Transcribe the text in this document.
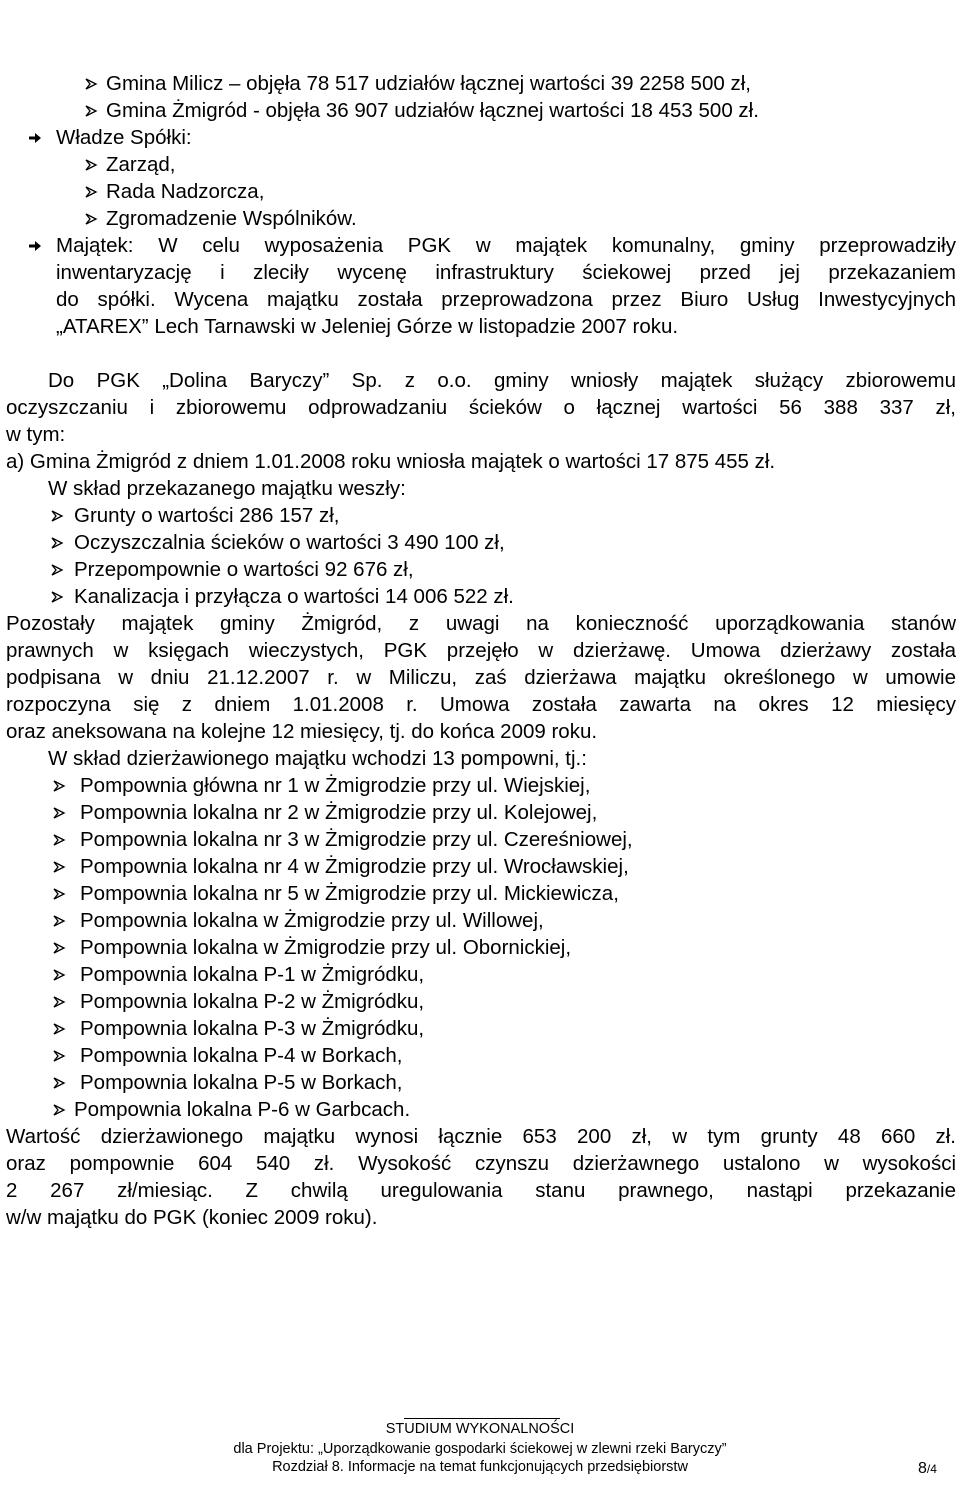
Gmina Milicz – objęła 78 517 udziałów łącznej wartości 39 2258 500 zł,
Gmina Żmigród - objęła 36 907 udziałów łącznej wartości 18 453 500 zł.
Władze Spółki:
Zarząd,
Rada Nadzorcza,
Zgromadzenie Wspólników.
Majątek: W celu wyposażenia PGK w majątek komunalny, gminy przeprowadziły
inwentaryzację i zleciły wycenę infrastruktury ściekowej przed jej przekazaniem
do spółki. Wycena majątku została przeprowadzona przez Biuro Usług Inwestycyjnych
„ATAREX” Lech Tarnawski w Jeleniej Górze w listopadzie 2007 roku.
Do PGK „Dolina Baryczy” Sp. z o.o. gminy wniosły majątek służący zbiorowemu
oczyszczaniu i zbiorowemu odprowadzaniu ścieków o łącznej wartości 56 388 337 zł,
w tym:
a) Gmina Żmigród z dniem 1.01.2008 roku wniosła majątek o wartości 17 875 455 zł.
W skład przekazanego majątku weszły:
Grunty o wartości 286 157 zł,
Oczyszczalnia ścieków o wartości 3 490 100 zł,
Przepompownie o wartości 92 676 zł,
Kanalizacja i przyłącza o wartości 14 006 522 zł.
Pozostały majątek gminy Żmigród, z uwagi na konieczność uporządkowania stanów
prawnych w księgach wieczystych, PGK przejęło w dzierżawę. Umowa dzierżawy została
podpisana w dniu 21.12.2007 r. w Miliczu, zaś dzierżawa majątku określonego w umowie
rozpoczyna się z dniem 1.01.2008 r. Umowa została zawarta na okres 12 miesięcy
oraz aneksowana na kolejne 12 miesięcy, tj. do końca 2009 roku.
W skład dzierżawionego majątku wchodzi 13 pompowni, tj.:
Pompownia główna nr 1 w Żmigrodzie przy ul. Wiejskiej,
Pompownia lokalna nr 2 w Żmigrodzie przy ul. Kolejowej,
Pompownia lokalna nr 3 w Żmigrodzie przy ul. Czereśniowej,
Pompownia lokalna nr 4 w Żmigrodzie przy ul. Wrocławskiej,
Pompownia lokalna nr 5 w Żmigrodzie przy ul. Mickiewicza,
Pompownia lokalna w Żmigrodzie przy ul. Willowej,
Pompownia lokalna w Żmigrodzie przy ul. Obornickiej,
Pompownia lokalna P-1 w Żmigródku,
Pompownia lokalna P-2 w Żmigródku,
Pompownia lokalna P-3 w Żmigródku,
Pompownia lokalna P-4 w Borkach,
Pompownia lokalna P-5 w Borkach,
Pompownia lokalna P-6 w Garbcach.
Wartość dzierżawionego majątku wynosi łącznie 653 200 zł, w tym grunty 48 660 zł.
oraz pompownie 604 540 zł. Wysokość czynszu dzierżawnego ustalono w wysokości
2 267 zł/miesiąc. Z chwilą uregulowania stanu prawnego, nastąpi przekazanie
w/w majątku do PGK (koniec 2009 roku).
STUDIUM WYKONALNOŚCI
dla Projektu: „Uporządkowanie gospodarki ściekowej w zlewni rzeki Baryczy”
Rozdział 8. Informacje na temat funkcjonujących przedsiębiorstw	8/4
